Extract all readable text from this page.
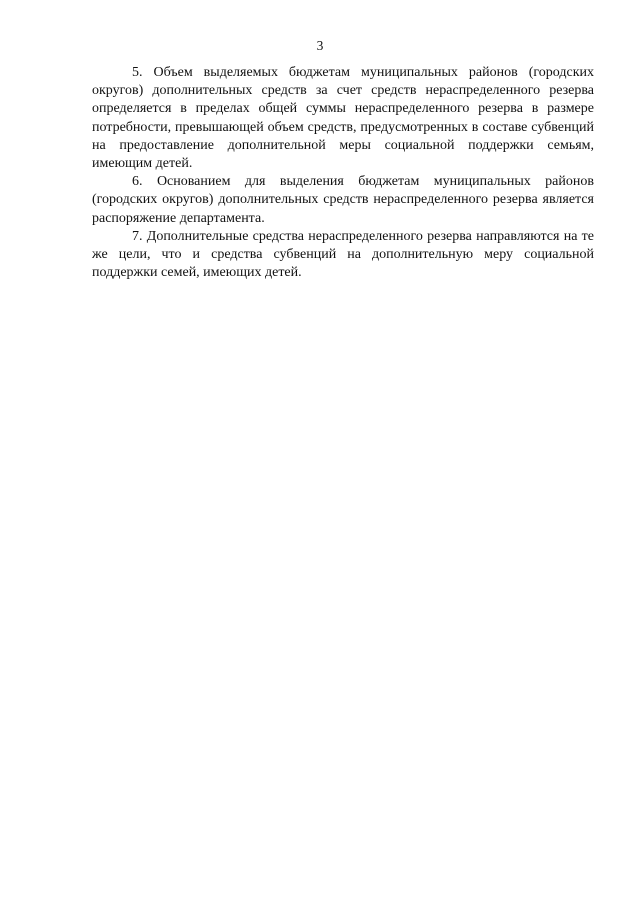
3

5. Объем выделяемых бюджетам муниципальных районов (городских округов) дополнительных средств за счет средств нераспределенного резерва определяется в пределах общей суммы нераспределенного резерва в размере потребности, превышающей объем средств, предусмотренных в составе субвенций на предоставление дополнительной меры социальной поддержки семьям, имеющим детей.

6. Основанием для выделения бюджетам муниципальных районов (городских округов) дополнительных средств нераспределенного резерва является распоряжение департамента.

7. Дополнительные средства нераспределенного резерва направляются на те же цели, что и средства субвенций на дополнительную меру социальной поддержки семей, имеющих детей.
